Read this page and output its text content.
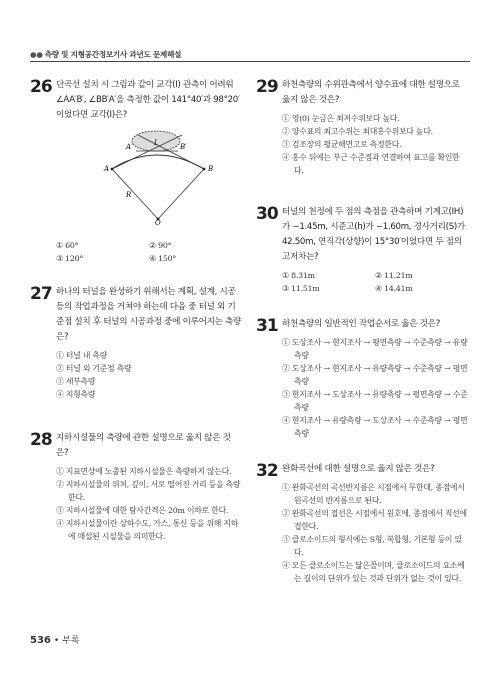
●● 측량 및 지형공간정보기사 과년도 문제해설
26 단곡선 설치 시 그림과 같이 교각(I) 관측이 어려워 ∠AA′B′, ∠BB′A′을 측정한 값이 141°40′과 98°20′이었다면 교각(I)은?
A
A′
B
B′
I
R
O
① 60°	② 90°
③ 120°	④ 150°
27 하나의 터널을 완성하기 위해서는 계획, 설계, 시공 등의 작업과정을 거쳐야 하는데 다음 중 터널 외 기준점 설치 후 터널의 시공과정 중에 이루어지는 측량은?
① 터널 내 측량
② 터널 외 기준점 측량
③ 세부측량
④ 지형측량
28 지하시설물의 측량에 관한 설명으로 옳지 않은 것은?
① 지표면상에 노출된 지하시설물은 측량하지 않는다.
② 지하시설물의 위치, 깊이, 서로 떨어진 거리 등을 측량한다.
③ 지하시설물에 대한 탐사간격은 20m 이하로 한다.
④ 지하시설물이란 상하수도, 가스, 통신 등을 위해 지하에 매설된 시설물을 의미한다.
29 하천측량의 수위관측에서 양수표에 대한 설명으로 옳지 않은 것은?
① 영(0) 눈금은 최저수위보다 높다.
② 양수표의 최고수위는 최대홍수위보다 높다.
③ 검조장의 평균해면고로 측정한다.
④ 홍수 뒤에는 부근 수준점과 연결하여 표고를 확인한다.
30 터널의 천정에 두 점의 측점을 관측하며 기계고(IH)가 −1.45m, 시준고(h)가 −1.60m, 경사거리(S)가 42.50m, 연직각(상향)이 15°30′이었다면 두 점의 고저차는?
① 8.31m	② 11.21m
③ 11.51m	④ 14.41m
31 하천측량의 일반적인 작업순서로 옳은 것은?
① 도상조사 → 현지조사 → 평면측량 → 수준측량 → 유량측량
② 도상조사 → 현지조사 → 유량측량 → 수준측량 → 평면측량
③ 현지조사 → 도상조사 → 유량측량 → 평면측량 → 수준측량
④ 현지조사 → 유량측량 → 도상조사 → 수준측량 → 평면측량
32 완화곡선에 대한 설명으로 옳지 않은 것은?
① 완화곡선의 곡선반지름은 시점에서 무한대, 종점에서 원곡선의 반지름으로 된다.
② 완화곡선의 접선은 시점에서 원호에, 종점에서 직선에 접한다.
③ 클로소이드의 형식에는 S형, 복합형, 기본형 등이 있다.
④ 모든 클로소이드는 닮은꼴이며, 클로소이드의 요소에는 길이의 단위가 있는 것과 단위가 없는 것이 있다.
536 • 부록
